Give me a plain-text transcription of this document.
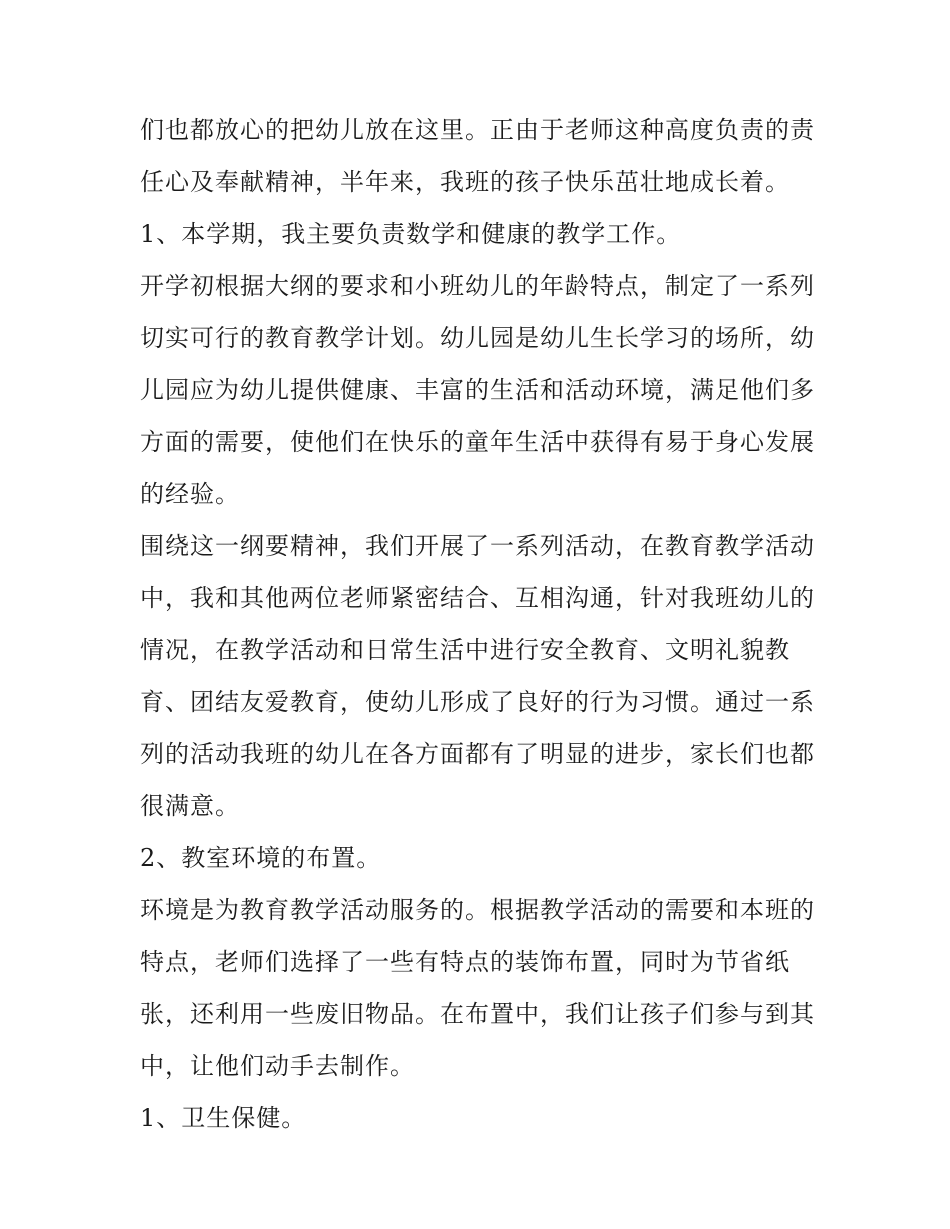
们也都放心的把幼儿放在这里。正由于老师这种高度负责的责
任心及奉献精神，半年来，我班的孩子快乐茁壮地成长着。
1、本学期，我主要负责数学和健康的教学工作。
开学初根据大纲的要求和小班幼儿的年龄特点，制定了一系列
切实可行的教育教学计划。幼儿园是幼儿生长学习的场所，幼
儿园应为幼儿提供健康、丰富的生活和活动环境，满足他们多
方面的需要，使他们在快乐的童年生活中获得有易于身心发展
的经验。
围绕这一纲要精神，我们开展了一系列活动，在教育教学活动
中，我和其他两位老师紧密结合、互相沟通，针对我班幼儿的
情况，在教学活动和日常生活中进行安全教育、文明礼貌教
育、团结友爱教育，使幼儿形成了良好的行为习惯。通过一系
列的活动我班的幼儿在各方面都有了明显的进步，家长们也都
很满意。
2、教室环境的布置。
环境是为教育教学活动服务的。根据教学活动的需要和本班的
特点，老师们选择了一些有特点的装饰布置，同时为节省纸
张，还利用一些废旧物品。在布置中，我们让孩子们参与到其
中，让他们动手去制作。
1、卫生保健。
